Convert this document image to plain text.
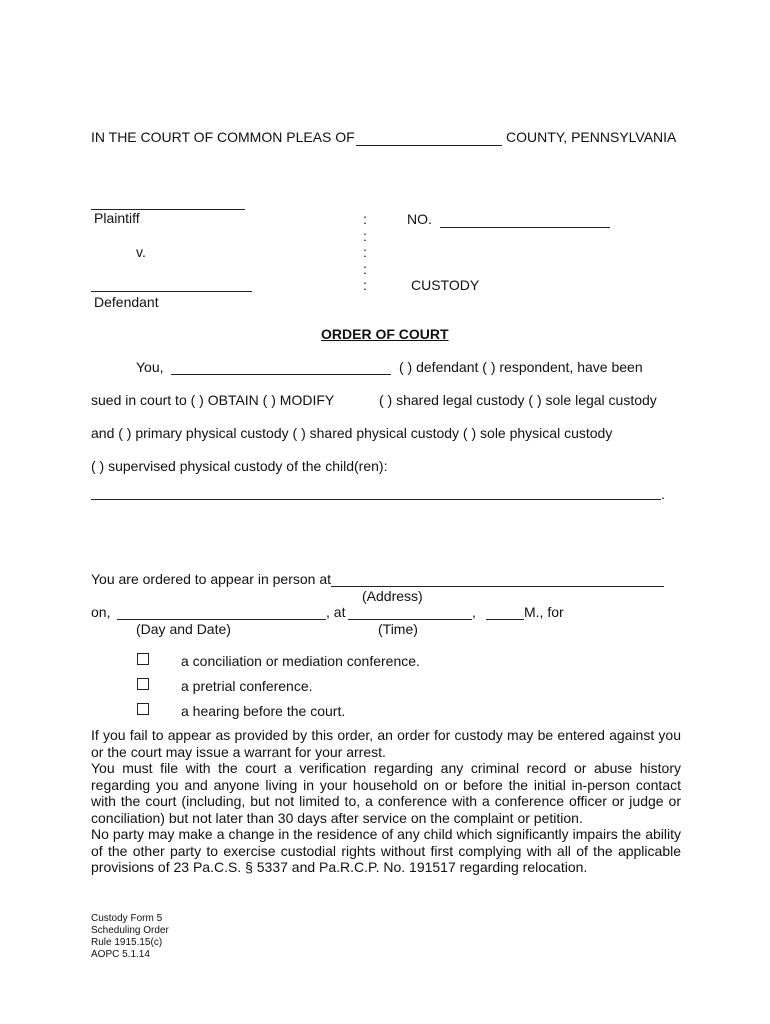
IN THE COURT OF COMMON PLEAS OF	COUNTY, PENNSYLVANIA
Plaintiff
v.
Defendant
:
:
:
:
:
NO.
CUSTODY
ORDER OF COURT
You,	( ) defendant ( ) respondent, have been
sued in court to ( ) OBTAIN ( ) MODIFY	( ) shared legal custody ( ) sole legal custody
and ( ) primary physical custody ( ) shared physical custody ( ) sole physical custody
( ) supervised physical custody of the child(ren):
.
You are ordered to appear in person at
(Address)
on,	, at	,	M., for
(Day and Date)	(Time)
a conciliation or mediation conference.
a pretrial conference.
a hearing before the court.

If you fail to appear as provided by this order, an order for custody may be entered against you or the court may issue a warrant for your arrest.

You must file with the court a verification regarding any criminal record or abuse history regarding you and anyone living in your household on or before the initial in-person contact with the court (including, but not limited to, a conference with a conference officer or judge or conciliation) but not later than 30 days after service on the complaint or petition.

No party may make a change in the residence of any child which significantly impairs the ability of the other party to exercise custodial rights without first complying with all of the applicable provisions of 23 Pa.C.S. § 5337 and Pa.R.C.P. No. 191517 regarding relocation.

Custody Form 5
Scheduling Order
Rule 1915.15(c)
AOPC 5.1.14
